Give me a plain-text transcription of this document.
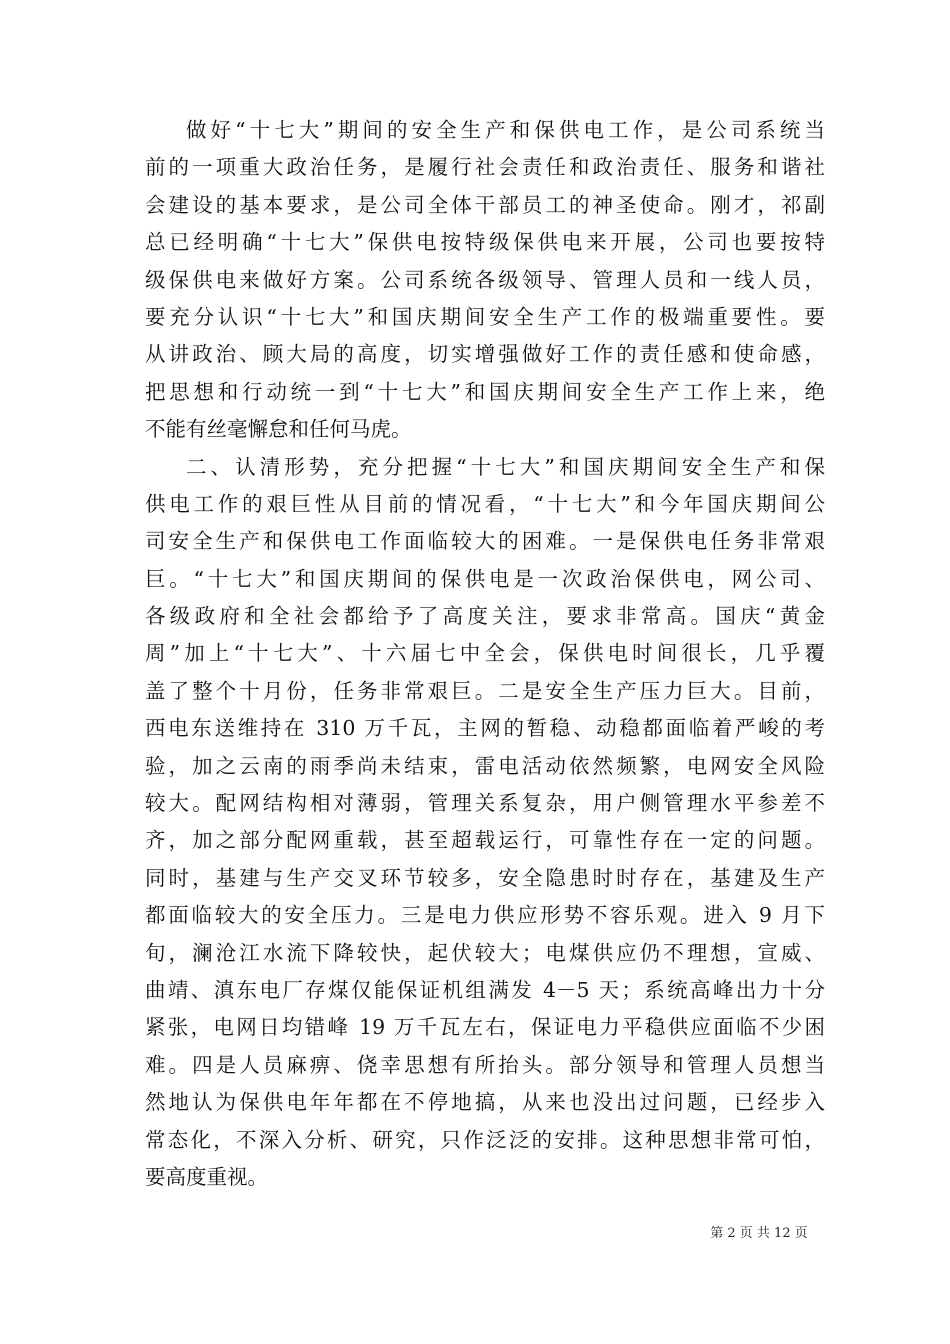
做好“十七大”期间的安全生产和保供电工作，是公司系统当
前的一项重大政治任务，是履行社会责任和政治责任、服务和谐社
会建设的基本要求，是公司全体干部员工的神圣使命。刚才，祁副
总已经明确“十七大”保供电按特级保供电来开展，公司也要按特
级保供电来做好方案。公司系统各级领导、管理人员和一线人员，
要充分认识“十七大”和国庆期间安全生产工作的极端重要性。要
从讲政治、顾大局的高度，切实增强做好工作的责任感和使命感，
把思想和行动统一到“十七大”和国庆期间安全生产工作上来，绝
不能有丝毫懈怠和任何马虎。
二、认清形势，充分把握“十七大”和国庆期间安全生产和保
供电工作的艰巨性从目前的情况看，“十七大”和今年国庆期间公
司安全生产和保供电工作面临较大的困难。一是保供电任务非常艰
巨。“十七大”和国庆期间的保供电是一次政治保供电，网公司、
各级政府和全社会都给予了高度关注，要求非常高。国庆“黄金
周”加上“十七大”、十六届七中全会，保供电时间很长，几乎覆
盖了整个十月份，任务非常艰巨。二是安全生产压力巨大。目前，
西电东送维持在 310 万千瓦，主网的暂稳、动稳都面临着严峻的考
验，加之云南的雨季尚未结束，雷电活动依然频繁，电网安全风险
较大。配网结构相对薄弱，管理关系复杂，用户侧管理水平参差不
齐，加之部分配网重载，甚至超载运行，可靠性存在一定的问题。
同时，基建与生产交叉环节较多，安全隐患时时存在，基建及生产
都面临较大的安全压力。三是电力供应形势不容乐观。进入 9 月下
旬，澜沧江水流下降较快，起伏较大；电煤供应仍不理想，宣威、
曲靖、滇东电厂存煤仅能保证机组满发 4－5 天；系统高峰出力十分
紧张，电网日均错峰 19 万千瓦左右，保证电力平稳供应面临不少困
难。四是人员麻痹、侥幸思想有所抬头。部分领导和管理人员想当
然地认为保供电年年都在不停地搞，从来也没出过问题，已经步入
常态化，不深入分析、研究，只作泛泛的安排。这种思想非常可怕，
要高度重视。
第 2 页 共 12 页
